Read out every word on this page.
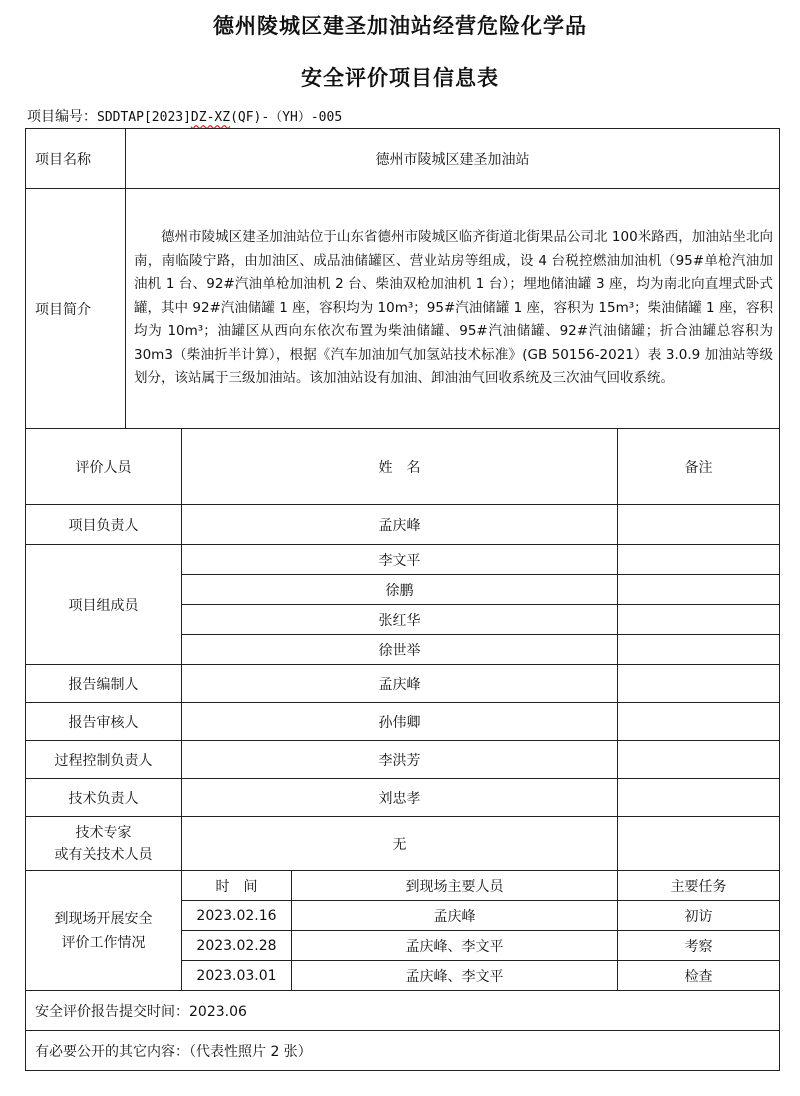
德州陵城区建圣加油站经营危险化学品
安全评价项目信息表
项目编号：SDDTAP[2023]DZ-XZ(QF)-（YH）-005
项目名称	德州市陵城区建圣加油站			
项目简介	德州市陵城区建圣加油站位于山东省德州市陵城区临齐街道北街果品公司北 100米路西，加油站坐北向南，南临陵宁路，由加油区、成品油储罐区、营业站房等组成，设 4 台税控燃油加油机（95#单枪汽油加油机 1 台、92#汽油单枪加油机 2 台、柴油双枪加油机 1 台）；埋地储油罐 3 座，均为南北向直埋式卧式罐，其中 92#汽油储罐 1 座，容积均为 10m³；95#汽油储罐 1 座，容积为 15m³；柴油储罐 1 座，容积均为 10m³；油罐区从西向东依次布置为柴油储罐、95#汽油储罐、92#汽油储罐；折合油罐总容积为 30m3（柴油折半计算），根据《汽车加油加气加氢站技术标准》(GB 50156-2021）表 3.0.9 加油站等级划分，该站属于三级加油站。该加油站设有加油、卸油油气回收系统及三次油气回收系统。			
评价人员		姓　名		备注
项目负责人		孟庆峰		
项目组成员		李文平		
		徐鹏		
		张红华		
		徐世举		
报告编制人		孟庆峰		
报告审核人		孙伟卿		
过程控制负责人		李洪芳		
技术负责人		刘忠孝		

技术专家
或有关技术人员		无		

到现场开展安全
评价工作情况		时　间	到现场主要人员	主要任务
		2023.02.16	孟庆峰	初访
		2023.02.28	孟庆峰、李文平	考察
		2023.03.01	孟庆峰、李文平	检查
安全评价报告提交时间：2023.06				
有必要公开的其它内容：（代表性照片 2 张）				
